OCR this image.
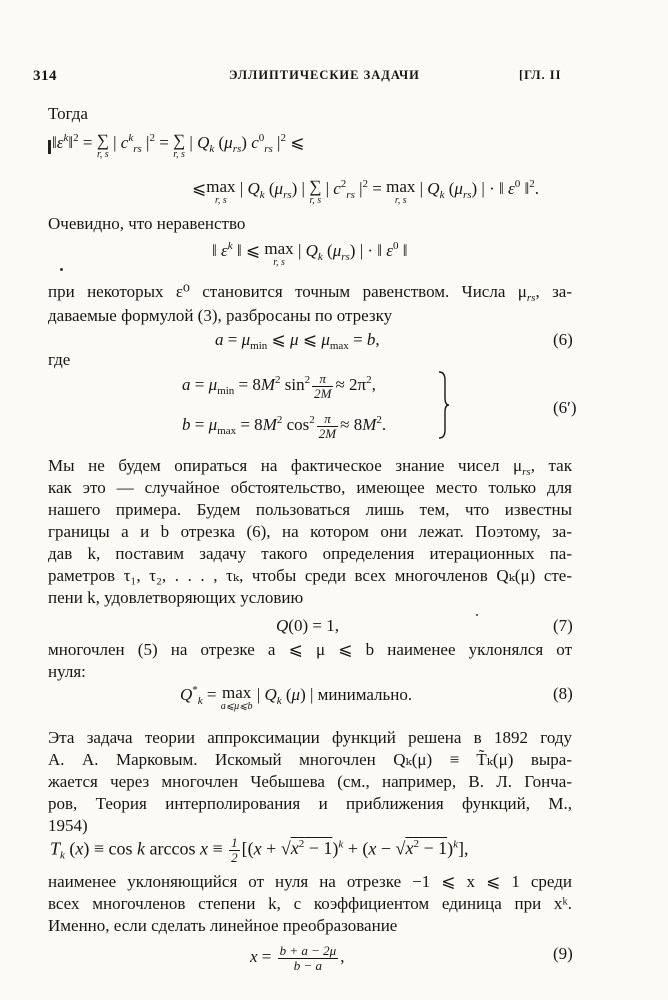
314	ЭЛЛИПТИЧЕСКИЕ ЗАДАЧИ	[ГЛ. II
Тогда
$‖\varepsilon^k‖^2$ = ∑
r, s
| $c^k_{rs}$ $|^2$ = ∑
r, s
| $Q_k$ $(\mu_{rs})$ $c^0_{rs}$ $|^2$ ⩽
⩽ max
r, s
| $Q_k$ $(\mu_{rs})$ | ∑
r, s
| $c^2_{rs}$ $|^2 = \max$
r, s
| $Q_k$ $(\mu_{rs})$ | · ‖ $\varepsilon^0$ ‖$^2$.
Очевидно, что неравенство
‖ $\varepsilon^k$ ‖ ⩽ max
r, s
| $Q_k$ $(\mu_{rs})$ | · ‖ $\varepsilon^0$ ‖
при некоторых ε⁰ становится точным равенством. Числа $\mu_{rs}$, за-
даваемые формулой (3), разбросаны по отрезку
$a = \mu_{min}$ ⩽ μ ⩽ $\mu_{max} = b$,	(6)
где
$a = \mu_{min} = 8M^2$ $\sin^2 \frac{\pi}{2M} \approx 2\pi^2$,
$b = \mu_{max} = 8M^2$ $\cos^2 \frac{\pi}{2M} \approx 8M^2$.
(6′)
Мы не будем опираться на фактическое знание чисел $\mu_{rs}$, так
как это — случайное обстоятельство, имеющее место только для
нашего примера. Будем пользоваться лишь тем, что известны
границы a и b отрезка (6), на котором они лежат. Поэтому, за-
дав k, поставим задачу такого определения итерационных па-
раметров τ₁, τ₂, . . . , τₖ, чтобы среди всех многочленов Qₖ(μ) сте-
пени k, удовлетворяющих условию
Q(0) = 1,	(7)
многочлен (5) на отрезке a ⩽ μ ⩽ b наименее уклонялся от
нуля:
$Q^*_k = \max$
a⩽μ⩽b
| $Q_k$ (μ) | минимально.	(8)
Эта задача теории аппроксимации функций решена в 1892 году
А. А. Марковым. Искомый многочлен Qₖ(μ) ≡ T̃ₖ(μ) выра-
жается через многочлен Чебышева (см., например, В. Л. Гонча-
ров, Теория интерполирования и приближения функций, М.,
1954)
$T_k$ (x) ≡ cos k $\arccos x \equiv \frac{1}{2} [(x + √x^2 - 1)^k + (x - √x^2 - 1)^k]$,
наименее уклоняющийся от нуля на отрезке −1 ⩽ x ⩽ 1 среди
всех многочленов степени k, с коэффициентом единица при xᵏ.
Именно, если сделать линейное преобразование
$x = \frac{b + a - 2\mu}{b - a}$ ,	(9)
